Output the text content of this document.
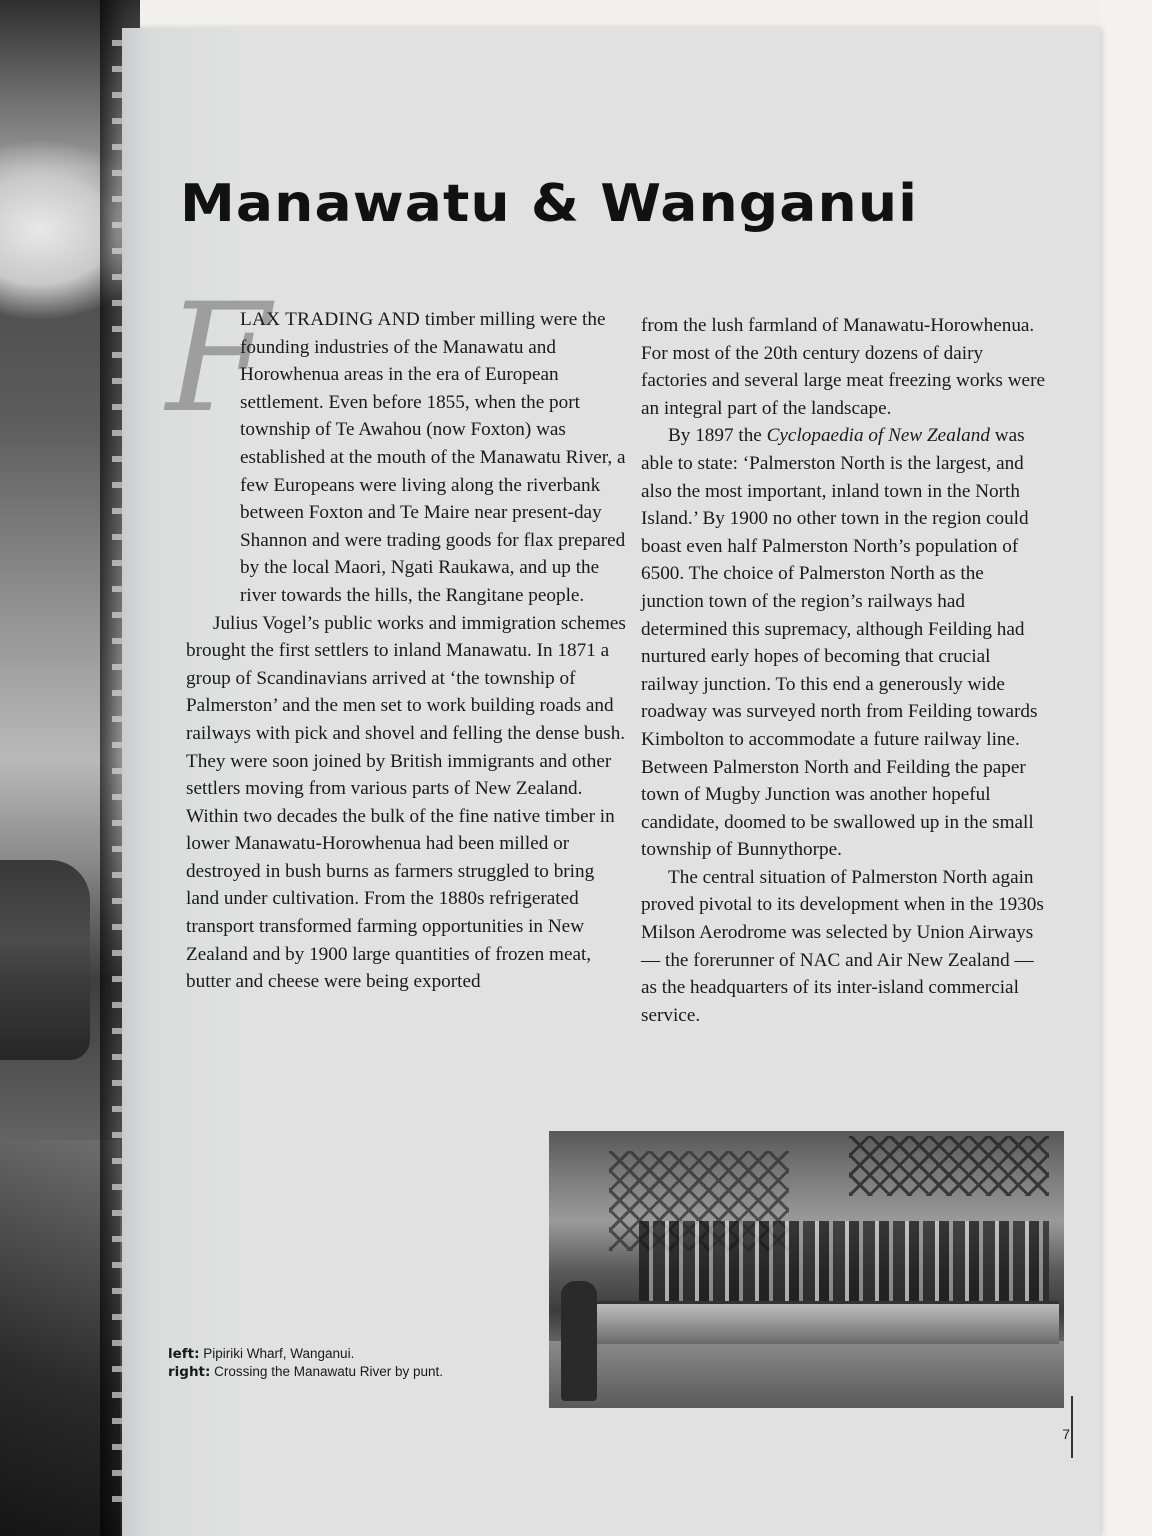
Manawatu & Wanganui
F

LAX TRADING AND timber milling were the founding industries of the Manawatu and Horowhenua areas in the era of European settlement. Even before 1855, when the port township of Te Awahou (now Foxton) was established at the mouth of the Manawatu River, a few Europeans were living along the riverbank between Foxton and Te Maire near present-day Shannon and were trading goods for flax prepared by the local Maori, Ngati Raukawa, and up the river towards the hills, the Rangitane people.

Julius Vogel’s public works and immigration schemes brought the first settlers to inland Manawatu. In 1871 a group of Scandinavians arrived at ‘the township of Palmerston’ and the men set to work building roads and railways with pick and shovel and felling the dense bush. They were soon joined by British immigrants and other settlers moving from various parts of New Zealand. Within two decades the bulk of the fine native timber in lower Manawatu-Horowhenua had been milled or destroyed in bush burns as farmers struggled to bring land under cultivation. From the 1880s refrigerated transport transformed farming opportunities in New Zealand and by 1900 large quantities of frozen meat, butter and cheese were being exported

from the lush farmland of Manawatu-Horowhenua. For most of the 20th century dozens of dairy factories and several large meat freezing works were an integral part of the landscape.

By 1897 the Cyclopaedia of New Zealand was able to state: ‘Palmerston North is the largest, and also the most important, inland town in the North Island.’ By 1900 no other town in the region could boast even half Palmerston North’s population of 6500. The choice of Palmerston North as the junction town of the region’s railways had determined this supremacy, although Feilding had nurtured early hopes of becoming that crucial railway junction. To this end a generously wide roadway was surveyed north from Feilding towards Kimbolton to accommodate a future railway line. Between Palmerston North and Feilding the paper town of Mugby Junction was another hopeful candidate, doomed to be swallowed up in the small township of Bunnythorpe.

The central situation of Palmerston North again proved pivotal to its development when in the 1930s Milson Aerodrome was selected by Union Airways — the forerunner of NAC and Air New Zealand — as the headquarters of its inter-island commercial service.

left: Pipiriki Wharf, Wanganui.
right: Crossing the Manawatu River by punt.
7
